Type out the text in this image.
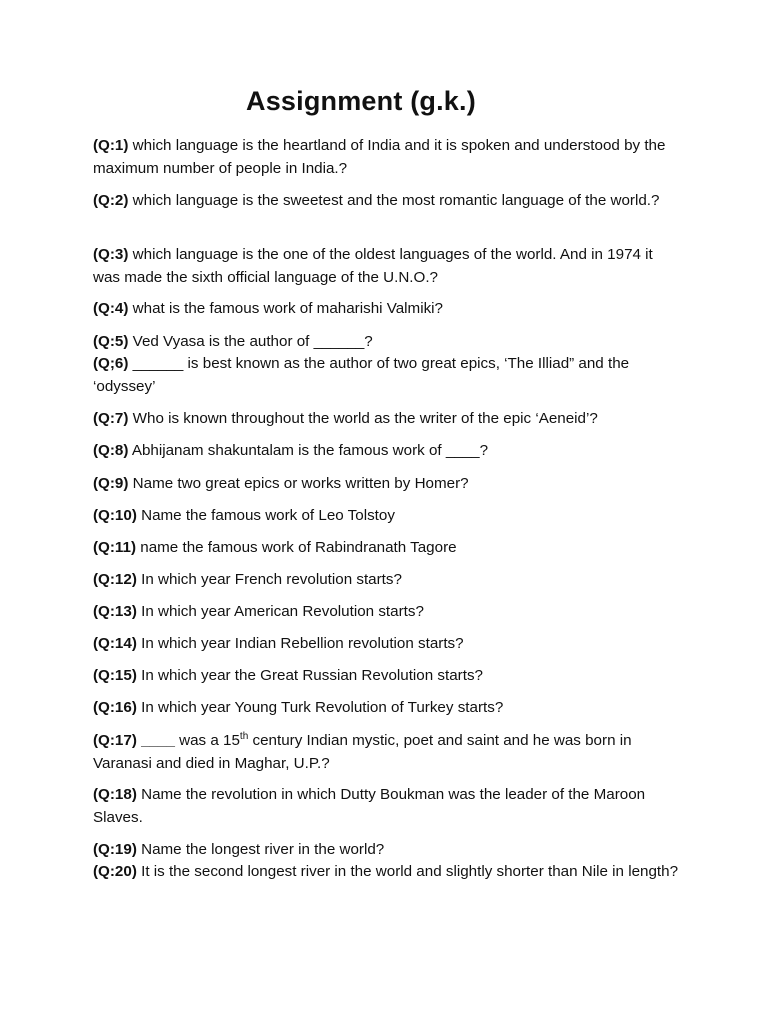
Assignment (g.k.)

(Q:1) which language is the heartland of India and it is spoken and understood by the maximum number of people in India.?

(Q:2) which language is the sweetest and the most romantic language of the world.?

(Q:3) which language is the one of the oldest languages of the world. And in 1974 it was made the sixth official language of the U.N.O.?

(Q:4) what is the famous work of maharishi Valmiki?

(Q:5) Ved Vyasa is the author of ______?

(Q;6) ______ is best known as the author of two great epics, ‘The Illiad” and the ‘odyssey’

(Q:7) Who is known throughout the world as the writer of the epic ‘Aeneid’?

(Q:8) Abhijanam shakuntalam is the famous work of ____?

(Q:9) Name two great epics or works written by Homer?

(Q:10) Name the famous work of Leo Tolstoy

(Q:11) name the famous work of Rabindranath Tagore

(Q:12) In which year French revolution starts?

(Q:13) In which year American Revolution starts?

(Q:14) In which year Indian Rebellion revolution starts?

(Q:15) In which year the Great Russian Revolution starts?

(Q:16) In which year Young Turk Revolution of Turkey starts?

(Q:17) ____ was a 15th century Indian mystic, poet and saint and he was born in Varanasi and died in Maghar, U.P.?

(Q:18) Name the revolution in which Dutty Boukman was the leader of the Maroon Slaves.

(Q:19) Name the longest river in the world?

(Q:20) It is the second longest river in the world and slightly shorter than Nile in length?
